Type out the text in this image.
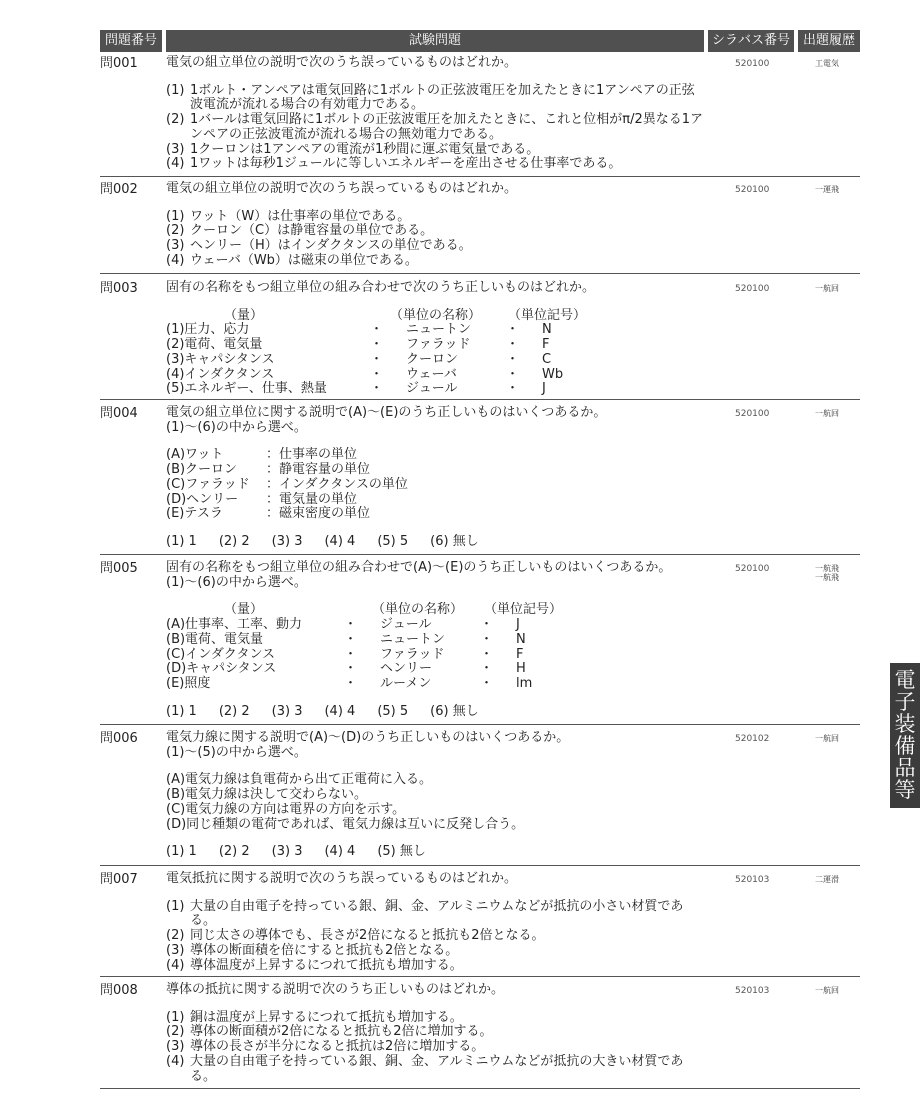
問題番号	試験問題	シラバス番号 出題履歴
問001 電気の組立単位の説明で次のうち誤っているものはどれか。
(1) 1ボルト・アンペアは電気回路に1ボルトの正弦波電圧を加えたときに1アンペアの正弦波電流が流れる場合の有効電力である。
(2) 1バールは電気回路に1ボルトの正弦波電圧を加えたときに、これと位相がπ/2異なる1アンペアの正弦波電流が流れる場合の無効電力である。
(3) 1クーロンは1アンペアの電流が1秒間に運ぶ電気量である。
(4) 1ワットは毎秒1ジュールに等しいエネルギーを産出させる仕事率である。
520100	工電気
問002 電気の組立単位の説明で次のうち誤っているものはどれか。
(1) ワット（W）は仕事率の単位である。
(2) クーロン（C）は静電容量の単位である。
(3) ヘンリー（H）はインダクタンスの単位である。
(4) ウェーバ（Wb）は磁束の単位である。
520100	一運飛
問003 固有の名称をもつ組立単位の組み合わせで次のうち正しいものはどれか。
（量）	（単位の名称）	（単位記号）
(1)圧力、応力	・	ニュートン	・	N
(2)電荷、電気量	・	ファラッド	・	F
(3)キャパシタンス	・	クーロン	・	C
(4)インダクタンス	・	ウェーバ	・	Wb
(5)エネルギー、仕事、熱量	・	ジュール	・	J
520100	一航回
問004 電気の組立単位に関する説明で(A)～(E)のうち正しいものはいくつあるか。
(1)～(6)の中から選べ。
(A)ワット	：仕事率の単位
(B)クーロン	：静電容量の単位
(C)ファラッド	：インダクタンスの単位
(D)ヘンリー	：電気量の単位
(E)テスラ	：磁束密度の単位
(1) 1 (2) 2 (3) 3 (4) 4 (5) 5 (6) 無し
520100	一航回
問005 固有の名称をもつ組立単位の組み合わせで(A)～(E)のうち正しいものはいくつあるか。
(1)～(6)の中から選べ。
（量）	（単位の名称）	（単位記号）
(A)仕事率、工率、動力	・	ジュール	・	J
(B)電荷、電気量	・	ニュートン	・	N
(C)インダクタンス	・	ファラッド	・	F
(D)キャパシタンス	・	ヘンリー	・	H
(E)照度	・	ルーメン	・	lm
(1) 1 (2) 2 (3) 3 (4) 4 (5) 5 (6) 無し
520100	一航飛
一航飛
問006 電気力線に関する説明で(A)～(D)のうち正しいものはいくつあるか。
(1)～(5)の中から選べ。
(A)電気力線は負電荷から出て正電荷に入る。
(B)電気力線は決して交わらない。
(C)電気力線の方向は電界の方向を示す。
(D)同じ種類の電荷であれば、電気力線は互いに反発し合う。
(1) 1 (2) 2 (3) 3 (4) 4 (5) 無し
520102	一航回
問007 電気抵抗に関する説明で次のうち誤っているものはどれか。
(1) 大量の自由電子を持っている銀、銅、金、アルミニウムなどが抵抗の小さい材質である。
(2) 同じ太さの導体でも、長さが2倍になると抵抗も2倍となる。
(3) 導体の断面積を倍にすると抵抗も2倍となる。
(4) 導体温度が上昇するにつれて抵抗も増加する。
520103	二運滑
問008 導体の抵抗に関する説明で次のうち正しいものはどれか。
(1) 銅は温度が上昇するにつれて抵抗も増加する。
(2) 導体の断面積が2倍になると抵抗も2倍に増加する。
(3) 導体の長さが半分になると抵抗は2倍に増加する。
(4) 大量の自由電子を持っている銀、銅、金、アルミニウムなどが抵抗の大きい材質である。
520103	一航回
電子装備品等
